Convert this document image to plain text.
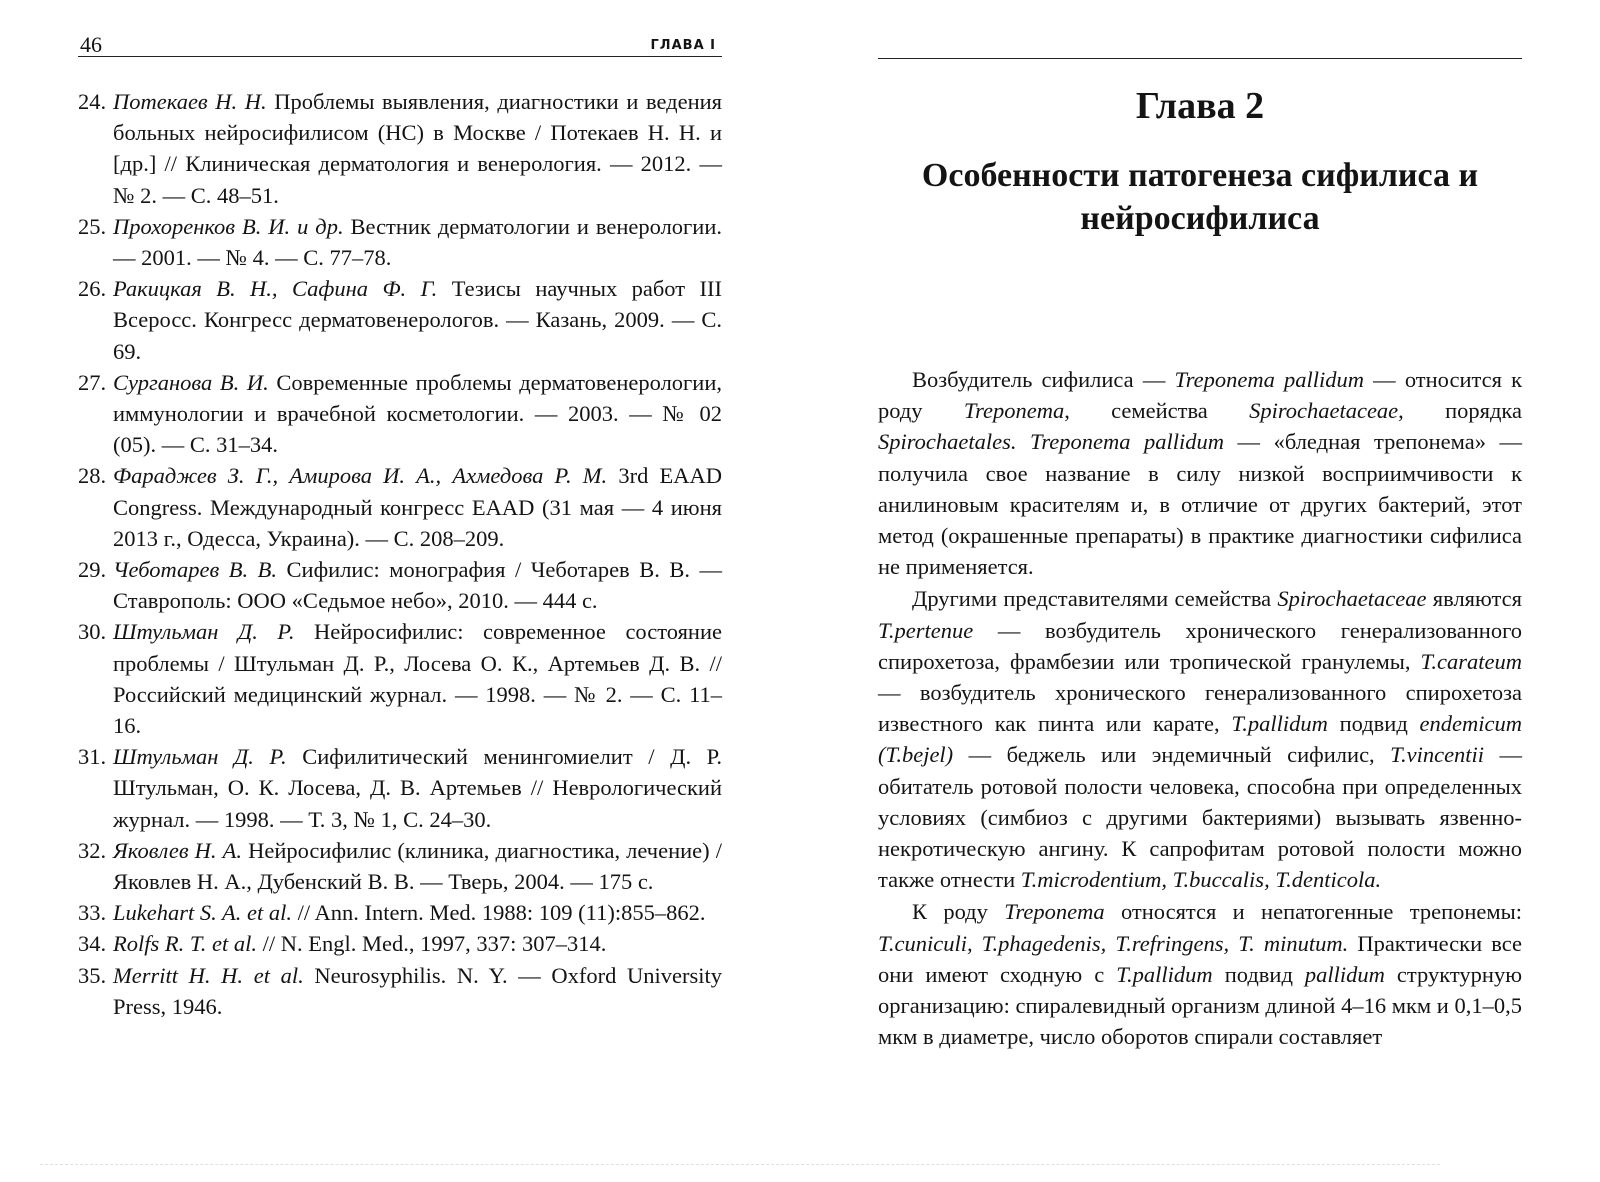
46	ГЛАВА I
24. Потекаев Н. Н. Проблемы выявления, диагностики и ведения больных нейросифилисом (НС) в Москве / Потекаев Н. Н. и [др.] // Клиническая дерматология и венерология. — 2012. — № 2. — С. 48–51.
25. Прохоренков В. И. и др. Вестник дерматологии и венерологии. — 2001. — № 4. — С. 77–78.
26. Ракицкая В. Н., Сафина Ф. Г. Тезисы научных работ III Всеросс. Конгресс дерматовенерологов. — Казань, 2009. — С. 69.
27. Сурганова В. И. Современные проблемы дерматовенерологии, иммунологии и врачебной косметологии. — 2003. — № 02 (05). — С. 31–34.
28. Фараджев З. Г., Амирова И. А., Ахмедова Р. М. 3rd EAAD Congress. Международный конгресс EAAD (31 мая — 4 июня 2013 г., Одесса, Украина). — С. 208–209.
29. Чеботарев В. В. Сифилис: монография / Чеботарев В. В. — Ставрополь: ООО «Седьмое небо», 2010. — 444 с.
30. Штульман Д. Р. Нейросифилис: современное состояние проблемы / Штульман Д. Р., Лосева О. К., Артемьев Д. В. // Российский медицинский журнал. — 1998. — № 2. — С. 11–16.
31. Штульман Д. Р. Сифилитический менингомиелит / Д. Р. Штульман, О. К. Лосева, Д. В. Артемьев // Неврологический журнал. — 1998. — Т. 3, № 1, С. 24–30.
32. Яковлев Н. А. Нейросифилис (клиника, диагностика, лечение) / Яковлев Н. А., Дубенский В. В. — Тверь, 2004. — 175 с.
33. Lukehart S. A. et al. // Ann. Intern. Med. 1988: 109 (11):855–862.
34. Rolfs R. T. et al. // N. Engl. Med., 1997, 337: 307–314.
35. Merritt H. H. et al. Neurosyphilis. N. Y. — Oxford University Press, 1946.
Глава 2
Особенности патогенеза сифилиса и нейросифилиса

Возбудитель сифилиса — Treponema pallidum — относится к роду Treponema, семейства Spirochaetaceae, порядка Spirochaetales. Treponema pallidum — «бледная трепонема» — получила свое название в силу низкой восприимчивости к анилиновым красителям и, в отличие от других бактерий, этот метод (окрашенные препараты) в практике диагностики сифилиса не применяется.

Другими представителями семейства Spirochaetaceae являются T.pertenue — возбудитель хронического генерализованного спирохетоза, фрамбезии или тропической гранулемы, T.carateum — возбудитель хронического генерализованного спирохетоза известного как пинта или карате, T.pallidum подвид endemicum (T.bejel) — беджель или эндемичный сифилис, T.vincentii — обитатель ротовой полости человека, способна при определенных условиях (симбиоз с другими бактериями) вызывать язвенно-некротическую ангину. К сапрофитам ротовой полости можно также отнести T.microdentium, T.buccalis, T.denticola.

К роду Treponema относятся и непатогенные трепонемы: T.cuniculi, T.phagedenis, T.refringens, T. minutum. Практически все они имеют сходную с T.pallidum подвид pallidum структурную организацию: спиралевидный организм длиной 4–16 мкм и 0,1–0,5 мкм в диаметре, число оборотов спирали составляет
